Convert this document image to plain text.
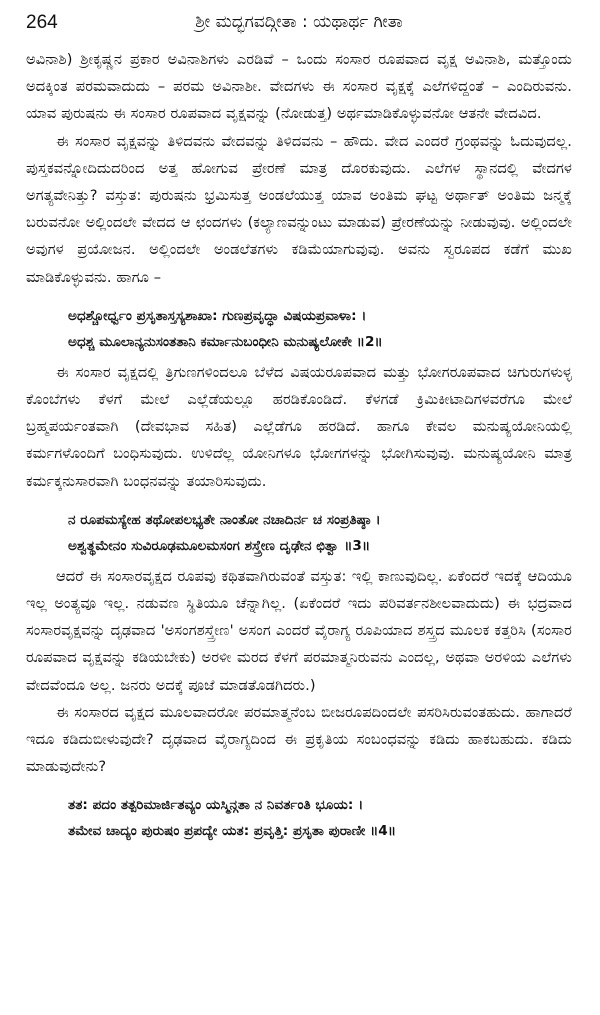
264	ಶ್ರೀ ಮದ್ಭಗವದ್ಗೀತಾ : ಯಥಾರ್ಥ ಗೀತಾ

ಅವಿನಾಶಿ) ಶ್ರೀಕೃಷ್ಣನ ಪ್ರಕಾರ ಅವಿನಾಶಿಗಳು ಎರಡಿವೆ – ಒಂದು ಸಂಸಾರ ರೂಪವಾದ ವೃಕ್ಷ ಅವಿನಾಶಿ, ಮತ್ತೊಂದು ಅದಕ್ಕಿಂತ ಪರಮವಾದುದು – ಪರಮ ಅವಿನಾಶೀ. ವೇದಗಳು ಈ ಸಂಸಾರ ವೃಕ್ಷಕ್ಕೆ ಎಲೆಗಳಿದ್ದಂತೆ – ಎಂದಿರುವನು. ಯಾವ ಪುರುಷನು ಈ ಸಂಸಾರ ರೂಪವಾದ ವೃಕ್ಷವನ್ನು (ನೋಡುತ್ತ) ಅರ್ಥಮಾಡಿಕೊಳ್ಳುವನೋ ಆತನೇ ವೇದವಿದ.

ಈ ಸಂಸಾರ ವೃಕ್ಷವನ್ನು ತಿಳಿದವನು ವೇದವನ್ನು ತಿಳಿದವನು – ಹೌದು. ವೇದ ಎಂದರೆ ಗ್ರಂಥವನ್ನು ಓದುವುದಲ್ಲ. ಪುಸ್ತಕವನ್ನೋದಿದುದರಿಂದ ಅತ್ತ ಹೋಗುವ ಪ್ರೇರಣೆ ಮಾತ್ರ ದೊರಕುವುದು. ಎಲೆಗಳ ಸ್ಥಾನದಲ್ಲಿ ವೇದಗಳ ಅಗತ್ಯವೇನಿತ್ತು? ವಸ್ತುತ: ಪುರುಷನು ಭ್ರಮಿಸುತ್ತ ಅಂಡಲೆಯುತ್ತ ಯಾವ ಅಂತಿಮ ಘಟ್ಟ ಅರ್ಥಾತ್ ಅಂತಿಮ ಜನ್ಮಕ್ಕೆ ಬರುವನೋ ಅಲ್ಲಿಂದಲೇ ವೇದದ ಆ ಛಂದಗಳು (ಕಲ್ಯಾಣವನ್ನುಂಟು ಮಾಡುವ) ಪ್ರೇರಣೆಯನ್ನು ನೀಡುವುವು. ಅಲ್ಲಿಂದಲೇ ಅವುಗಳ ಪ್ರಯೋಜನ. ಅಲ್ಲಿಂದಲೇ ಅಂಡಲೆತಗಳು ಕಡಿಮೆಯಾಗುವುವು. ಅವನು ಸ್ವರೂಪದ ಕಡೆಗೆ ಮುಖ ಮಾಡಿಕೊಳ್ಳುವನು. ಹಾಗೂ –

ಅಧಶ್ಚೋರ್ಧ್ವಂ ಪ್ರಸೃತಾಸ್ತಸ್ಯಶಾಖಾ: ಗುಣಪ್ರವೃದ್ಧಾ ವಿಷಯಪ್ರವಾಳಾ: ।

ಅಧಶ್ಚ ಮೂಲಾನ್ಯನುಸಂತತಾನಿ ಕರ್ಮಾನುಬಂಧೀನಿ ಮನುಷ್ಯಲೋಕೇ ॥2॥

ಈ ಸಂಸಾರ ವೃಕ್ಷದಲ್ಲಿ ತ್ರಿಗುಣಗಳಿಂದಲೂ ಬೆಳೆದ ವಿಷಯರೂಪವಾದ ಮತ್ತು ಭೋಗರೂಪವಾದ ಚಿಗುರುಗಳುಳ್ಳ ಕೊಂಬೆಗಳು ಕೆಳಗೆ ಮೇಲೆ ಎಲ್ಲೆಡೆಯಲ್ಲೂ ಹರಡಿಕೊಂಡಿದೆ. ಕೆಳಗಡೆ ಕ್ರಿಮಿಕೀಟಾದಿಗಳವರೆಗೂ ಮೇಲೆ ಬ್ರಹ್ಮಪರ್ಯಂತವಾಗಿ (ದೇವಭಾವ ಸಹಿತ) ಎಲ್ಲೆಡೆಗೂ ಹರಡಿದೆ. ಹಾಗೂ ಕೇವಲ ಮನುಷ್ಯಯೋನಿಯಲ್ಲಿ ಕರ್ಮಗಳೊಂದಿಗೆ ಬಂಧಿಸುವುದು. ಉಳಿದೆಲ್ಲ ಯೋನಿಗಳೂ ಭೋಗಗಳನ್ನು ಭೋಗಿಸುವುವು. ಮನುಷ್ಯಯೋನಿ ಮಾತ್ರ ಕರ್ಮಕ್ಕನುಸಾರವಾಗಿ ಬಂಧನವನ್ನು ತಯಾರಿಸುವುದು.

ನ ರೂಪಮಸ್ಯೇಹ ತಥೋಪಲಭ್ಯತೇ ನಾಂತೋ ನಚಾದಿರ್ನ ಚ ಸಂಪ್ರತಿಷ್ಠಾ ।

ಅಶ್ವತ್ಥಮೇನಂ ಸುವಿರೂಢಮೂಲಮಸಂಗ ಶಸ್ತ್ರೇಣ ದೃಢೇನ ಛಿತ್ವಾ ॥3॥

ಆದರೆ ಈ ಸಂಸಾರವೃಕ್ಷದ ರೂಪವು ಕಥಿತವಾಗಿರುವಂತೆ ವಸ್ತುತ: ಇಲ್ಲಿ ಕಾಣುವುದಿಲ್ಲ. ಏಕೆಂದರೆ ಇದಕ್ಕೆ ಆದಿಯೂ ಇಲ್ಲ ಅಂತ್ಯವೂ ಇಲ್ಲ. ನಡುವಣ ಸ್ಥಿತಿಯೂ ಚೆನ್ನಾಗಿಲ್ಲ. (ಏಕೆಂದರೆ ಇದು ಪರಿವರ್ತನಶೀಲವಾದುದು) ಈ ಭದ್ರವಾದ ಸಂಸಾರವೃಕ್ಷವನ್ನು ದೃಢವಾದ 'ಅಸಂಗಶಸ್ತ್ರೇಣ' ಅಸಂಗ ಎಂದರೆ ವೈರಾಗ್ಯ ರೂಪಿಯಾದ ಶಸ್ತ್ರದ ಮೂಲಕ ಕತ್ತರಿಸಿ (ಸಂಸಾರ ರೂಪವಾದ ವೃಕ್ಷವನ್ನು ಕಡಿಯಬೇಕು) ಅರಳೀ ಮರದ ಕೆಳಗೆ ಪರಮಾತ್ಮನಿರುವನು ಎಂದಲ್ಲ, ಅಥವಾ ಅರಳಿಯ ಎಲೆಗಳು ವೇದವೆಂದೂ ಅಲ್ಲ. ಜನರು ಅದಕ್ಕೆ ಪೂಜೆ ಮಾಡತೊಡಗಿದರು.)

ಈ ಸಂಸಾರದ ವೃಕ್ಷದ ಮೂಲವಾದರೋ ಪರಮಾತ್ಮನೆಂಬ ಬೀಜರೂಪದಿಂದಲೇ ಪಸರಿಸಿರುವಂತಹುದು. ಹಾಗಾದರೆ ಇದೂ ಕಡಿದುಬೀಳುವುದೇ? ದೃಢವಾದ ವೈರಾಗ್ಯದಿಂದ ಈ ಪ್ರಕೃತಿಯ ಸಂಬಂಧವನ್ನು ಕಡಿದು ಹಾಕಬಹುದು. ಕಡಿದು ಮಾಡುವುದೇನು?

ತತ: ಪದಂ ತತ್ಪರಿಮಾರ್ಜಿತವ್ಯಂ ಯಸ್ಮಿನ್ಗತಾ ನ ನಿವರ್ತಂತಿ ಭೂಯ: ।

ತಮೇವ ಚಾದ್ಯಂ ಪುರುಷಂ ಪ್ರಪದ್ಯೇ ಯತ: ಪ್ರವೃತ್ತಿ: ಪ್ರಸೃತಾ ಪುರಾಣೀ ॥4॥
